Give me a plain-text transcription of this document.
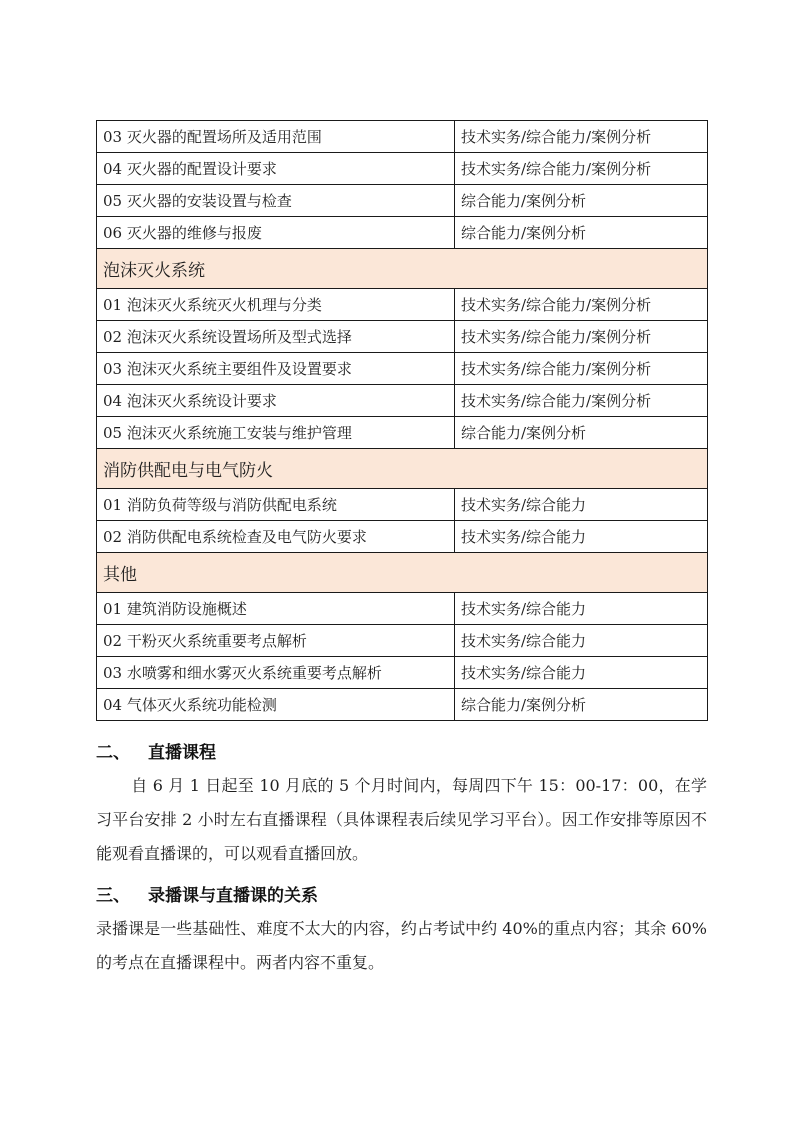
03 灭火器的配置场所及适用范围	技术实务/综合能力/案例分析
04 灭火器的配置设计要求	技术实务/综合能力/案例分析
05 灭火器的安装设置与检查	综合能力/案例分析
06 灭火器的维修与报废	综合能力/案例分析
泡沫灭火系统	
01 泡沫灭火系统灭火机理与分类	技术实务/综合能力/案例分析
02 泡沫灭火系统设置场所及型式选择	技术实务/综合能力/案例分析
03 泡沫灭火系统主要组件及设置要求	技术实务/综合能力/案例分析
04 泡沫灭火系统设计要求	技术实务/综合能力/案例分析
05 泡沫灭火系统施工安装与维护管理	综合能力/案例分析
消防供配电与电气防火	
01 消防负荷等级与消防供配电系统	技术实务/综合能力
02 消防供配电系统检查及电气防火要求	技术实务/综合能力
其他	
01 建筑消防设施概述	技术实务/综合能力
02 干粉灭火系统重要考点解析	技术实务/综合能力
03 水喷雾和细水雾灭火系统重要考点解析	技术实务/综合能力
04 气体灭火系统功能检测	综合能力/案例分析
二、 直播课程

自 6 月 1 日起至 10 月底的 5 个月时间内，每周四下午 15：00-17：00，在学习平台安排 2 小时左右直播课程（具体课程表后续见学习平台）。因工作安排等原因不能观看直播课的，可以观看直播回放。

三、 录播课与直播课的关系

录播课是一些基础性、难度不太大的内容，约占考试中约 40%的重点内容；其余 60%的考点在直播课程中。两者内容不重复。
